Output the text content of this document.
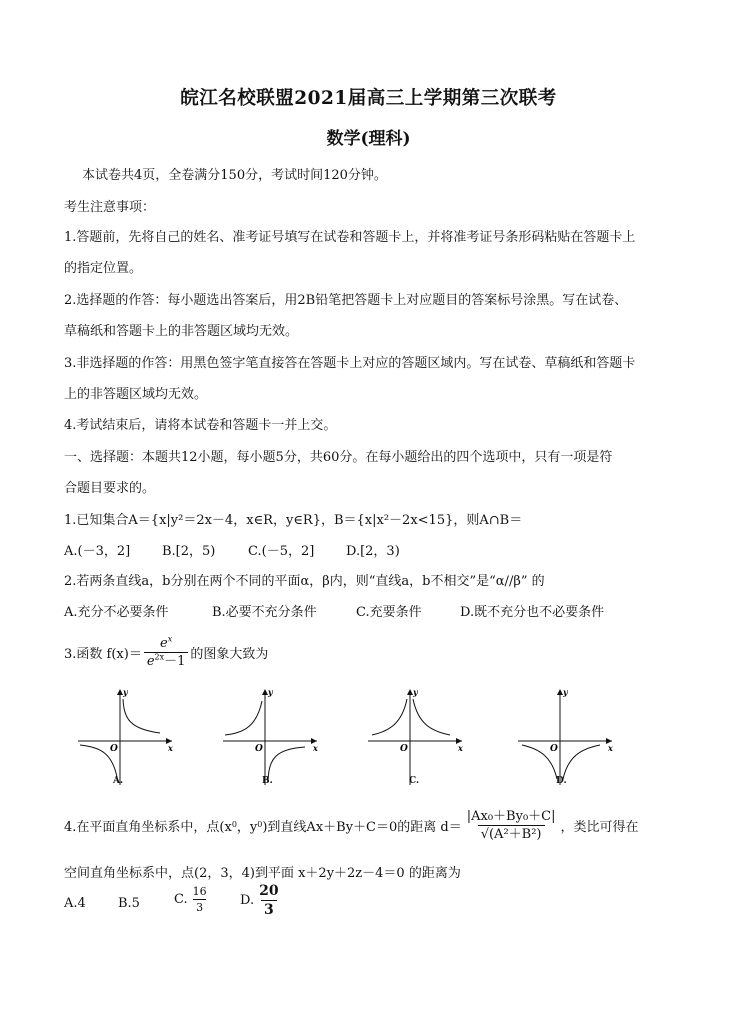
皖江名校联盟2021届高三上学期第三次联考
数学(理科)
本试卷共4页，全卷满分150分，考试时间120分钟。
考生注意事项：
1.答题前，先将自己的姓名、准考证号填写在试卷和答题卡上，并将准考证号条形码粘贴在答题卡上
的指定位置。
2.选择题的作答：每小题选出答案后，用2B铅笔把答题卡上对应题目的答案标号涂黑。写在试卷、
草稿纸和答题卡上的非答题区域均无效。
3.非选择题的作答：用黑色签字笔直接答在答题卡上对应的答题区域内。写在试卷、草稿纸和答题卡
上的非答题区域均无效。
4.考试结束后，请将本试卷和答题卡一并上交。
一、选择题：本题共12小题，每小题5分，共60分。在每小题给出的四个选项中，只有一项是符
合题目要求的。
1.已知集合A＝{x|y²＝2x－4，x∈R，y∈R}，B＝{x|x²－2x<15}，则A∩B＝
A.(－3，2] B.[2，5)	C.(－5，2] D.[2，3)
2.若两条直线a，b分别在两个不同的平面α，β内，则“直线a，b不相交”是“α//β” 的
A.充分不必要条件	B.必要不充分条件	C.充要条件	D.既不充分也不必要条件
3.函数 $f(x)= \frac{e^x}{e^{2x}-1}$ 的图象大致为
y
x
O
A.
y
x
O
B.
y
x
O
C.
y
x
O
D.
4.在平面直角坐标系中，点(x 0 ，y 0 )到直线Ax＋By＋C＝0的距离 $d= \frac{\text{|Ax₀＋By₀＋C|}}{\text{√(A²＋B²)}}$ ，类比可得在
空间直角坐标系中，点(2，3，4)到平面 x＋2y＋2z－4＝0 的距离为
A.4 B.5	C. $\frac{16}{3} D$. $\frac{20}{3}$
